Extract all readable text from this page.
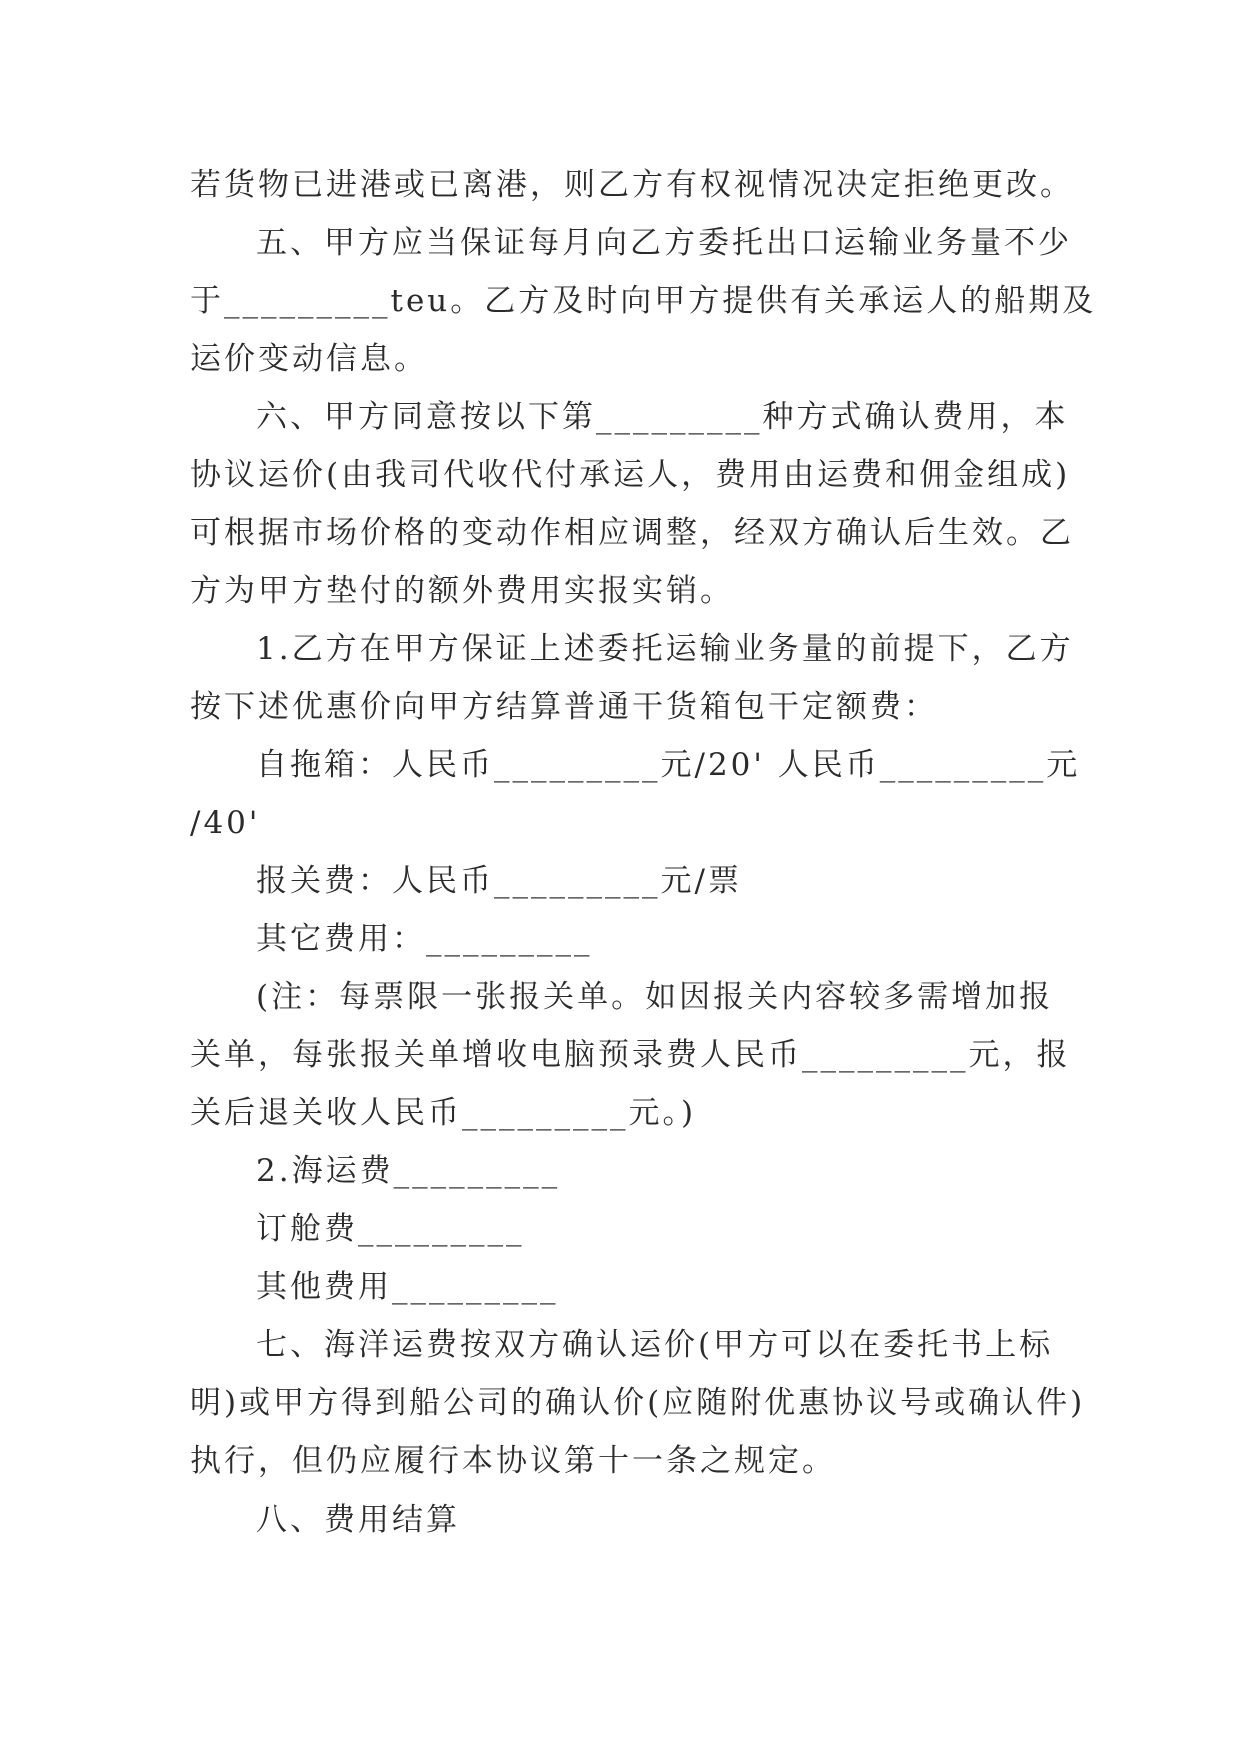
若货物已进港或已离港，则乙方有权视情况决定拒绝更改。
五、甲方应当保证每月向乙方委托出口运输业务量不少
于_________teu。乙方及时向甲方提供有关承运人的船期及
运价变动信息。
六、甲方同意按以下第_________种方式确认费用，本
协议运价(由我司代收代付承运人，费用由运费和佣金组成)
可根据市场价格的变动作相应调整，经双方确认后生效。乙
方为甲方垫付的额外费用实报实销。
1.乙方在甲方保证上述委托运输业务量的前提下，乙方
按下述优惠价向甲方结算普通干货箱包干定额费：
自拖箱：人民币_________元/20' 人民币_________元
/40'
报关费：人民币_________元/票
其它费用：_________
(注：每票限一张报关单。如因报关内容较多需增加报
关单，每张报关单增收电脑预录费人民币_________元，报
关后退关收人民币_________元。)
2.海运费_________
订舱费_________
其他费用_________
七、海洋运费按双方确认运价(甲方可以在委托书上标
明)或甲方得到船公司的确认价(应随附优惠协议号或确认件)
执行，但仍应履行本协议第十一条之规定。
八、费用结算
